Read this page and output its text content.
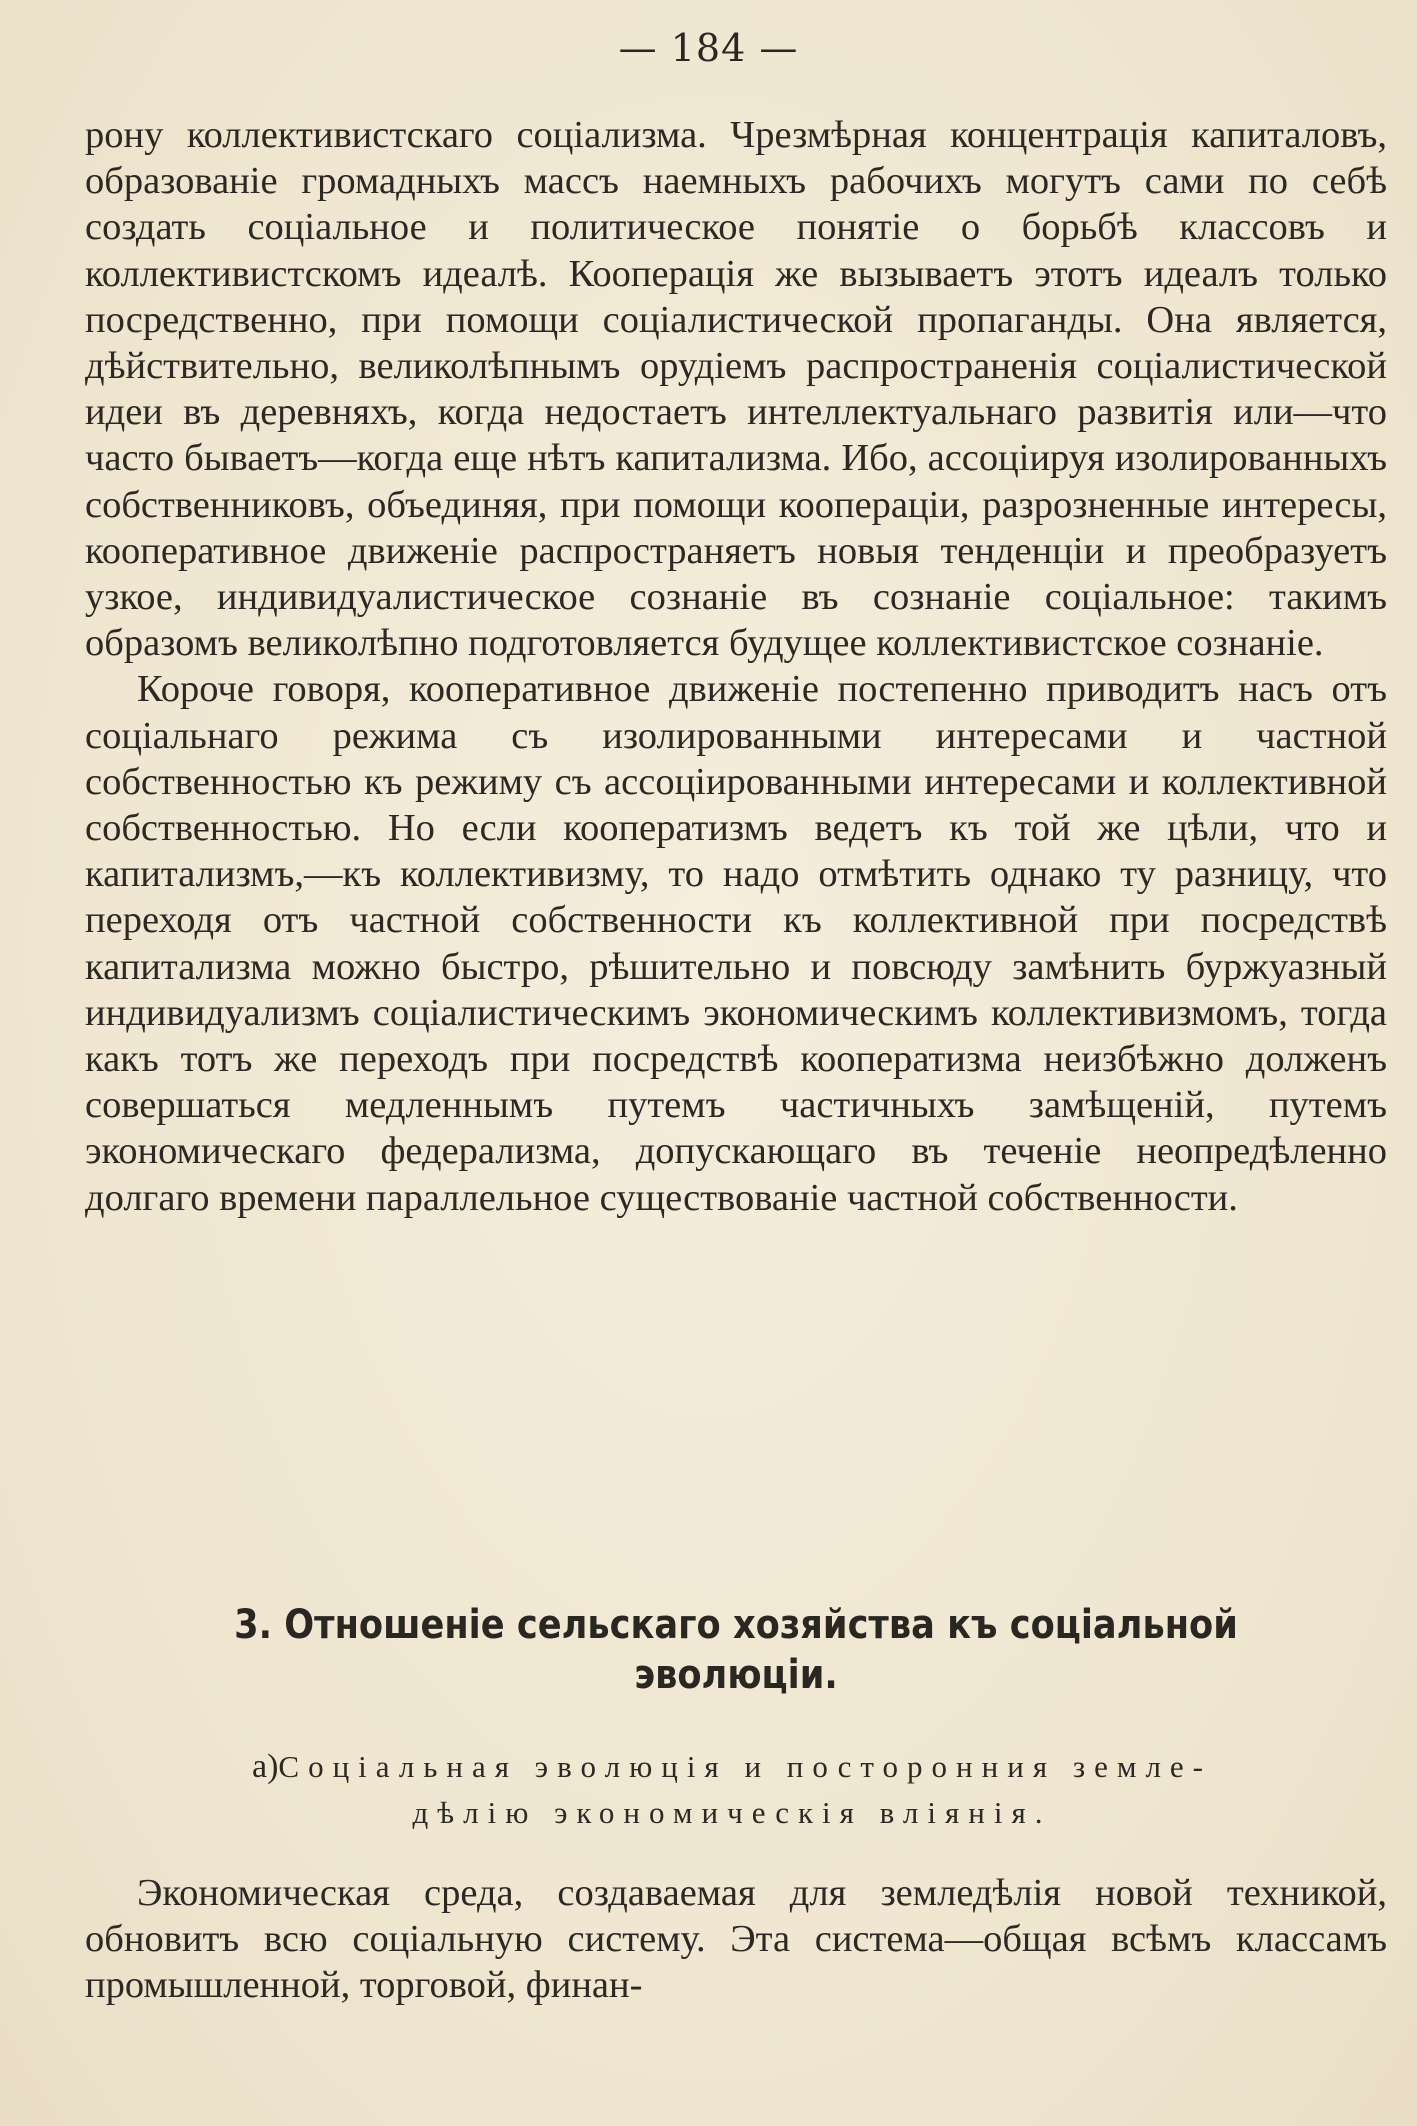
— 184 —

рону коллективистскаго соціализма. Чрезмѣрная концентрація капиталовъ, образованіе громадныхъ массъ наемныхъ рабочихъ могутъ сами по себѣ создать соціальное и политическое понятіе о борьбѣ классовъ и коллективистскомъ идеалѣ. Кооперація же вызываетъ этотъ идеалъ только посредственно, при помощи соціалистической пропаганды. Она является, дѣйствительно, великолѣпнымъ орудіемъ распространенія соціалистической идеи въ деревняхъ, когда недостаетъ интеллектуальнаго развитія или—что часто бываетъ—когда еще нѣтъ капитализма. Ибо, ассоціируя изолированныхъ собственниковъ, объединяя, при помощи коопераціи, разрозненные интересы, кооперативное движеніе распространяетъ новыя тенденціи и преобразуетъ узкое, индивидуалистическое сознаніе въ сознаніе соціальное: такимъ образомъ великолѣпно подготовляется будущее коллективистское сознаніе.

Короче говоря, кооперативное движеніе постепенно приводитъ насъ отъ соціальнаго режима съ изолированными интересами и частной собственностью къ режиму съ ассоціированными интересами и коллективной собственностью. Но если кооператизмъ ведетъ къ той же цѣли, что и капитализмъ,—къ коллективизму, то надо отмѣтить однако ту разницу, что переходя отъ частной собственности къ коллективной при посредствѣ капитализма можно быстро, рѣшительно и повсюду замѣнить буржуазный индивидуализмъ соціалистическимъ экономическимъ коллективизмомъ, тогда какъ тотъ же переходъ при посредствѣ кооператизма неизбѣжно долженъ совершаться медленнымъ путемъ частичныхъ замѣщеній, путемъ экономическаго федерализма, допускающаго въ теченіе неопредѣленно долгаго времени параллельное существованіе частной собственности.

3. Отношеніе сельскаго хозяйства къ соціальной
эволюціи.
а)Соціальная эволюція и посторонния земле-
дѣлію экономическія вліянія.

Экономическая среда, создаваемая для земледѣлія новой техникой, обновитъ всю соціальную систему. Эта система—общая всѣмъ классамъ промышленной, торговой, финан-
